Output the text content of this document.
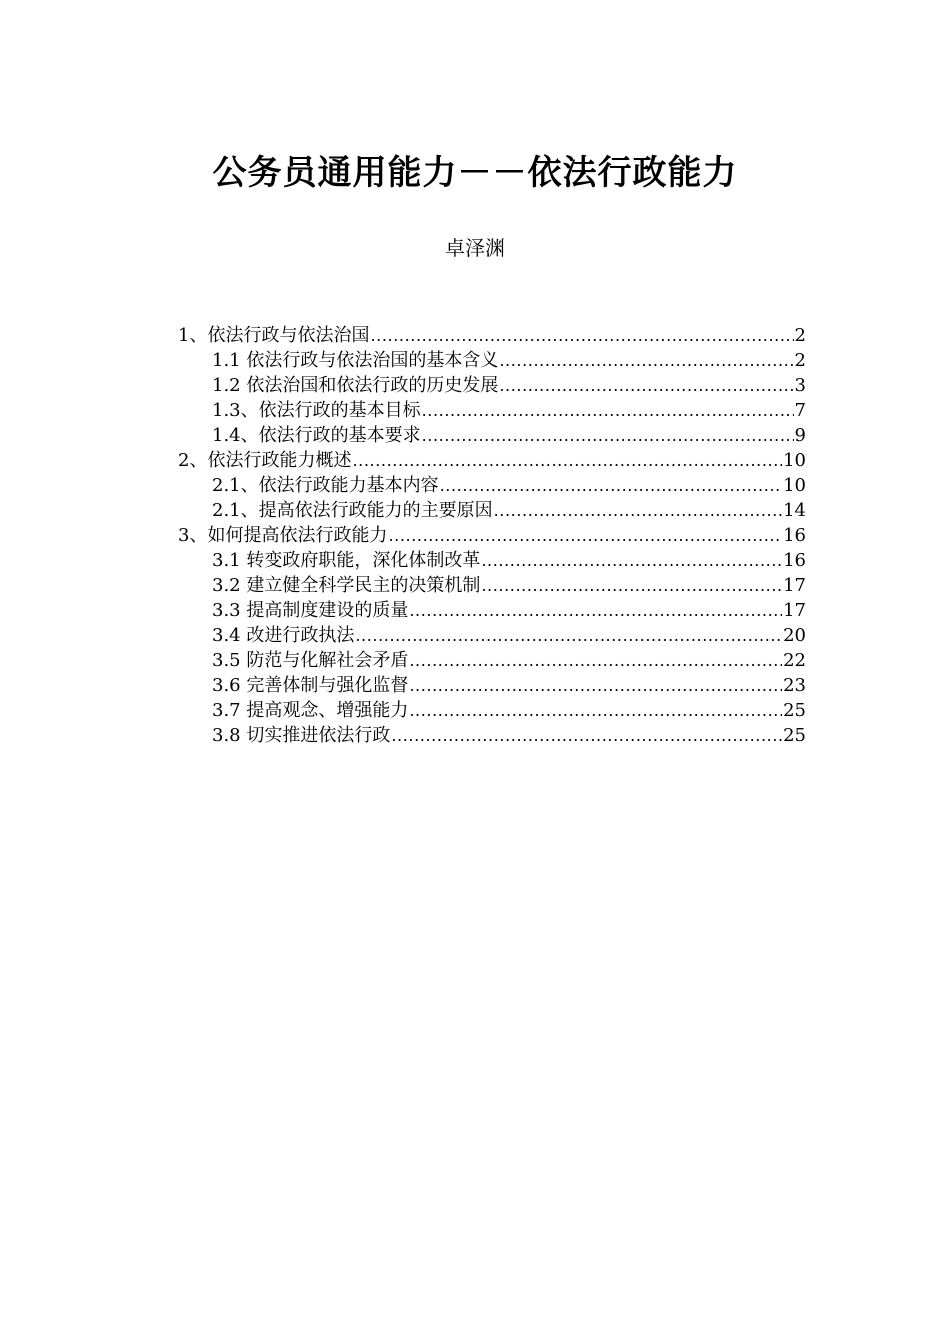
公务员通用能力－－依法行政能力
卓泽渊
1、依法行政与依法治国 .....	2
1.1 依法行政与依法治国的基本含义 .....	2
1.2 依法治国和依法行政的历史发展 .....	3
1.3、依法行政的基本目标 .....	7
1.4、依法行政的基本要求 .....	9
2、依法行政能力概述 .....	10
2.1、依法行政能力基本内容 .....	10
2.1、提高依法行政能力的主要原因 .....	14
3、如何提高依法行政能力 .....	16
3.1 转变政府职能，深化体制改革 .....	16
3.2 建立健全科学民主的决策机制 .....	17
3.3 提高制度建设的质量 .....	17
3.4 改进行政执法 .....	20
3.5 防范与化解社会矛盾 .....	22
3.6 完善体制与强化监督 .....	23
3.7 提高观念、增强能力 .....	25
3.8 切实推进依法行政 .....	25
